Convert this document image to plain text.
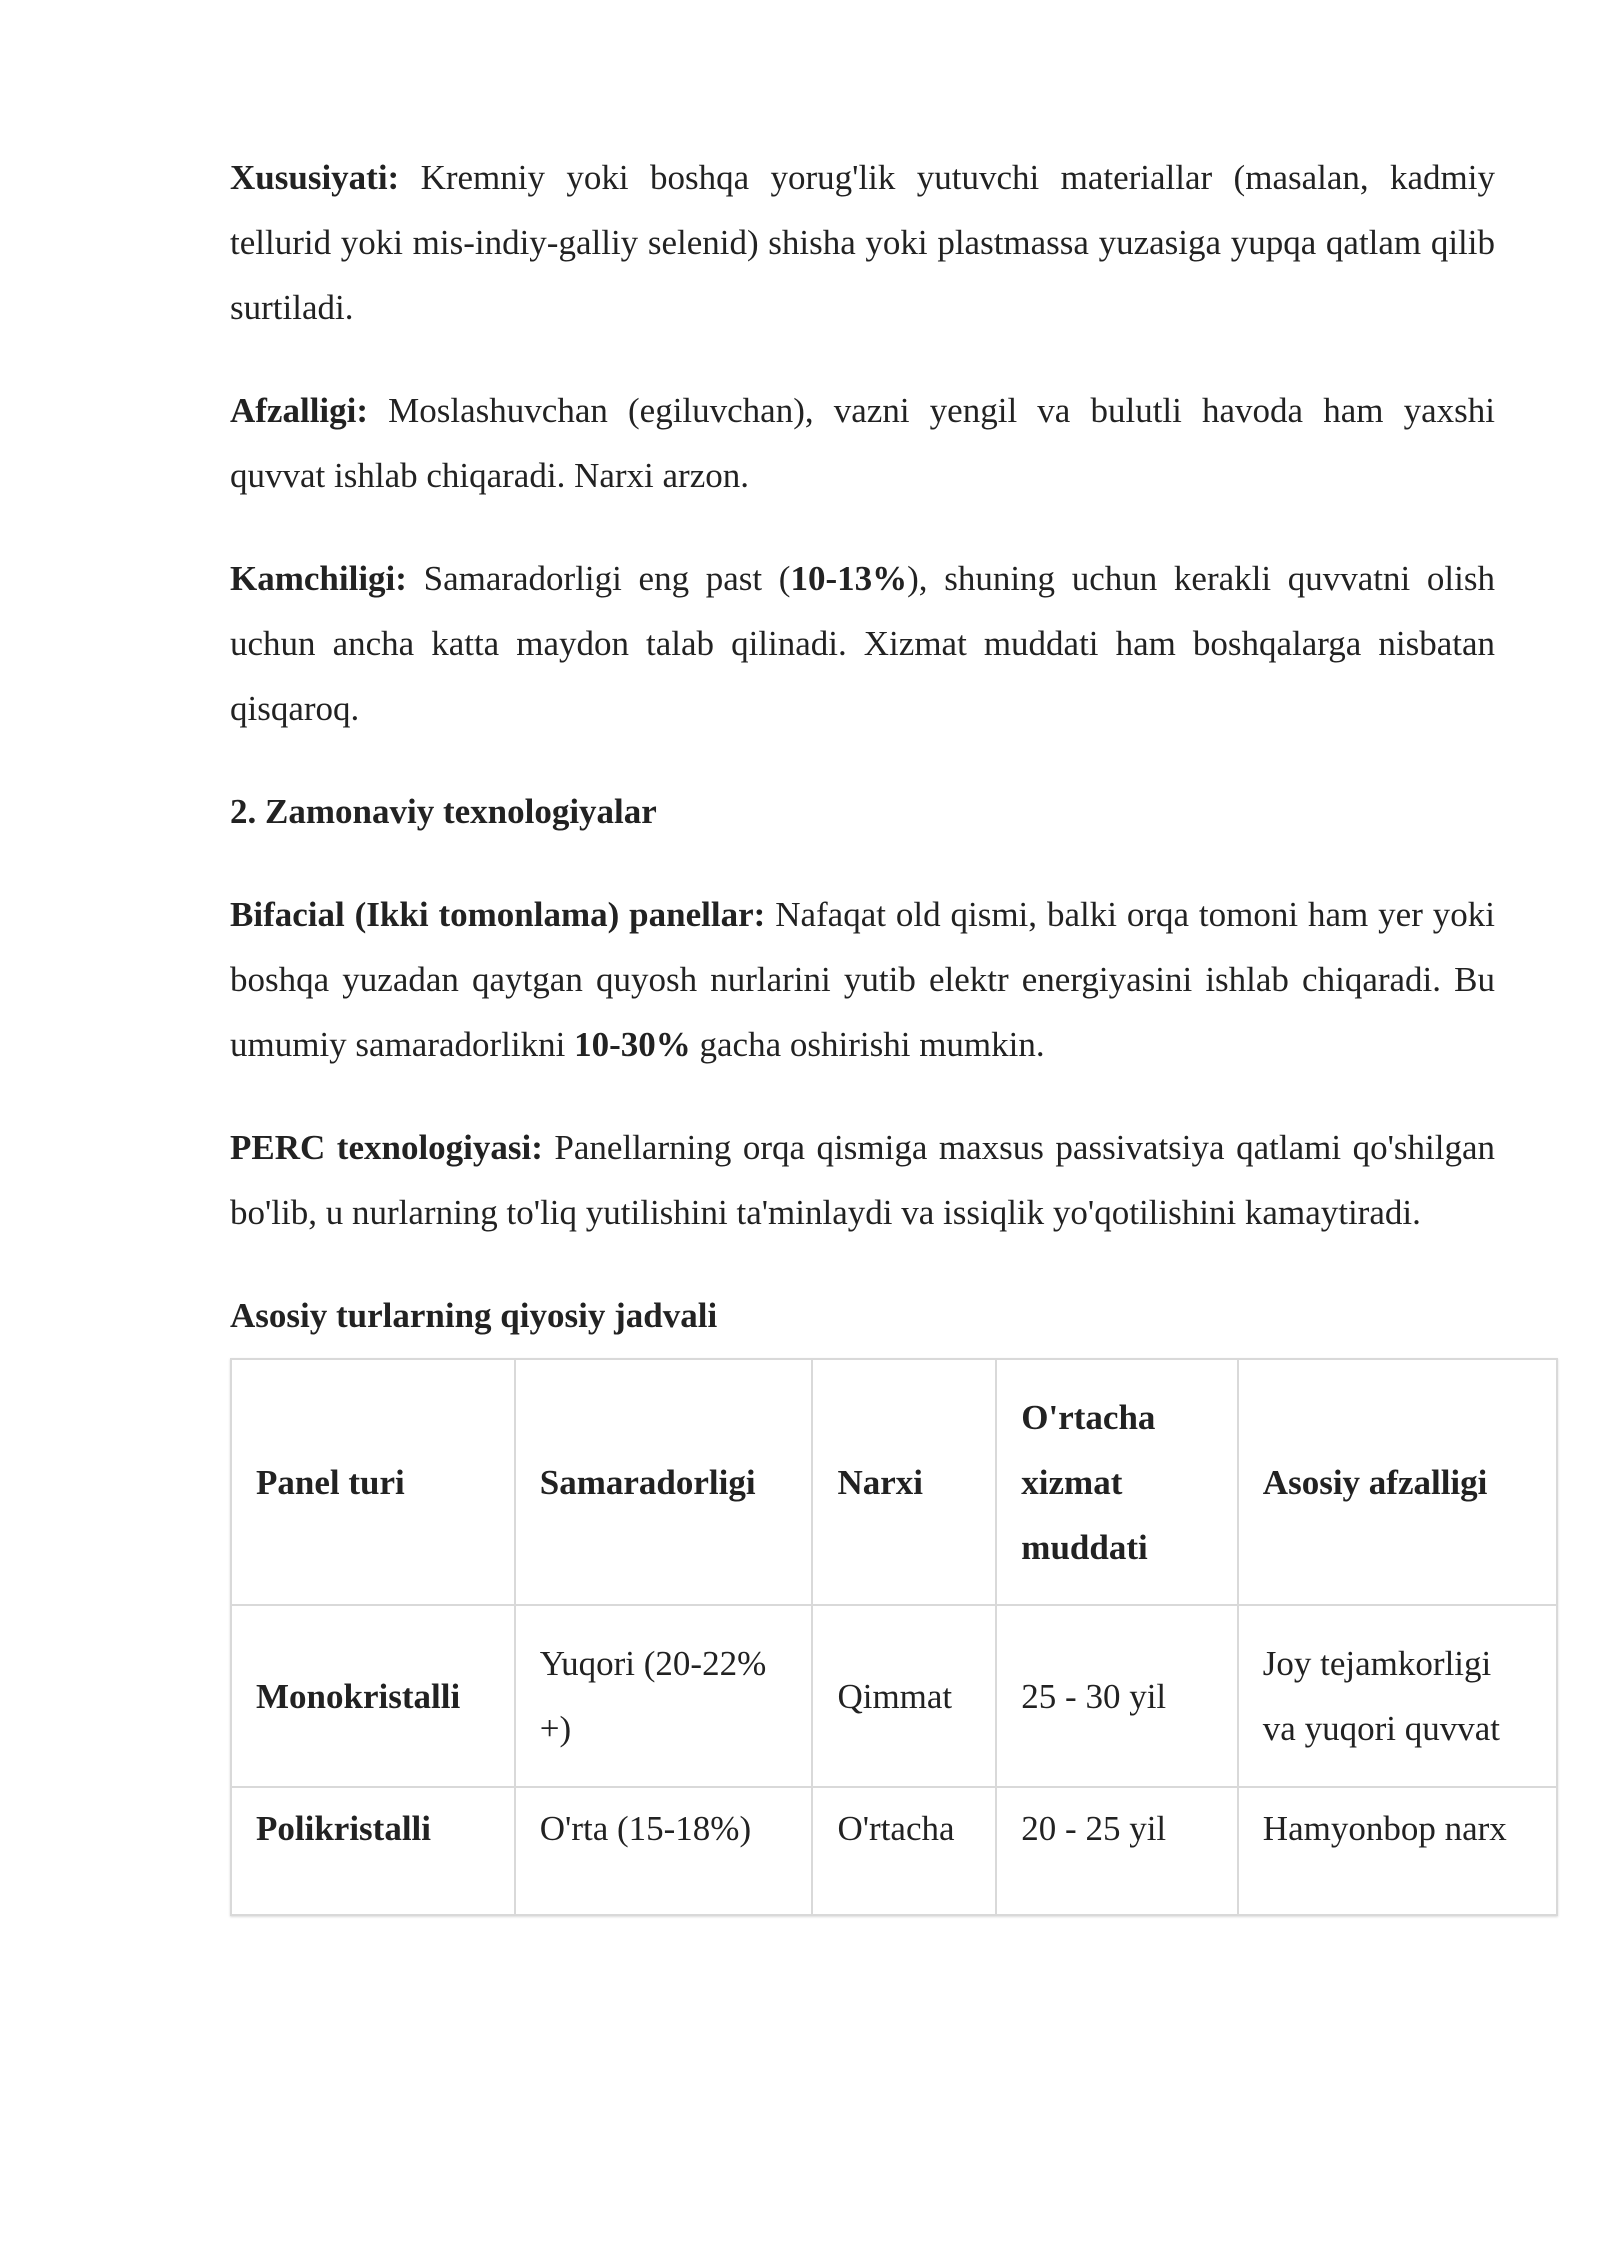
Xususiyati: Kremniy yoki boshqa yorug'lik yutuvchi materiallar (masalan, kadmiy tellurid yoki mis-indiy-galliy selenid) shisha yoki plastmassa yuzasiga yupqa qatlam qilib surtiladi.

Afzalligi: Moslashuvchan (egiluvchan), vazni yengil va bulutli havoda ham yaxshi quvvat ishlab chiqaradi. Narxi arzon.

Kamchiligi: Samaradorligi eng past (10-13%), shuning uchun kerakli quvvatni olish uchun ancha katta maydon talab qilinadi. Xizmat muddati ham boshqalarga nisbatan qisqaroq.

2. Zamonaviy texnologiyalar

Bifacial (Ikki tomonlama) panellar: Nafaqat old qismi, balki orqa tomoni ham yer yoki boshqa yuzadan qaytgan quyosh nurlarini yutib elektr energiyasini ishlab chiqaradi. Bu umumiy samaradorlikni 10-30% gacha oshirishi mumkin.

PERC texnologiyasi: Panellarning orqa qismiga maxsus passivatsiya qatlami qo'shilgan bo'lib, u nurlarning to'liq yutilishini ta'minlaydi va issiqlik yo'qotilishini kamaytiradi.

Asosiy turlarning qiyosiy jadvali

Panel turi	Samaradorligi	Narxi	O'rtacha xizmat muddati	Asosiy afzalligi
Monokristalli	Yuqori (20-22% +)	Qimmat	25 - 30 yil	Joy tejamkorligi va yuqori quvvat
Polikristalli	O'rta (15-18%)	O'rtacha	20 - 25 yil	Hamyonbop narx
